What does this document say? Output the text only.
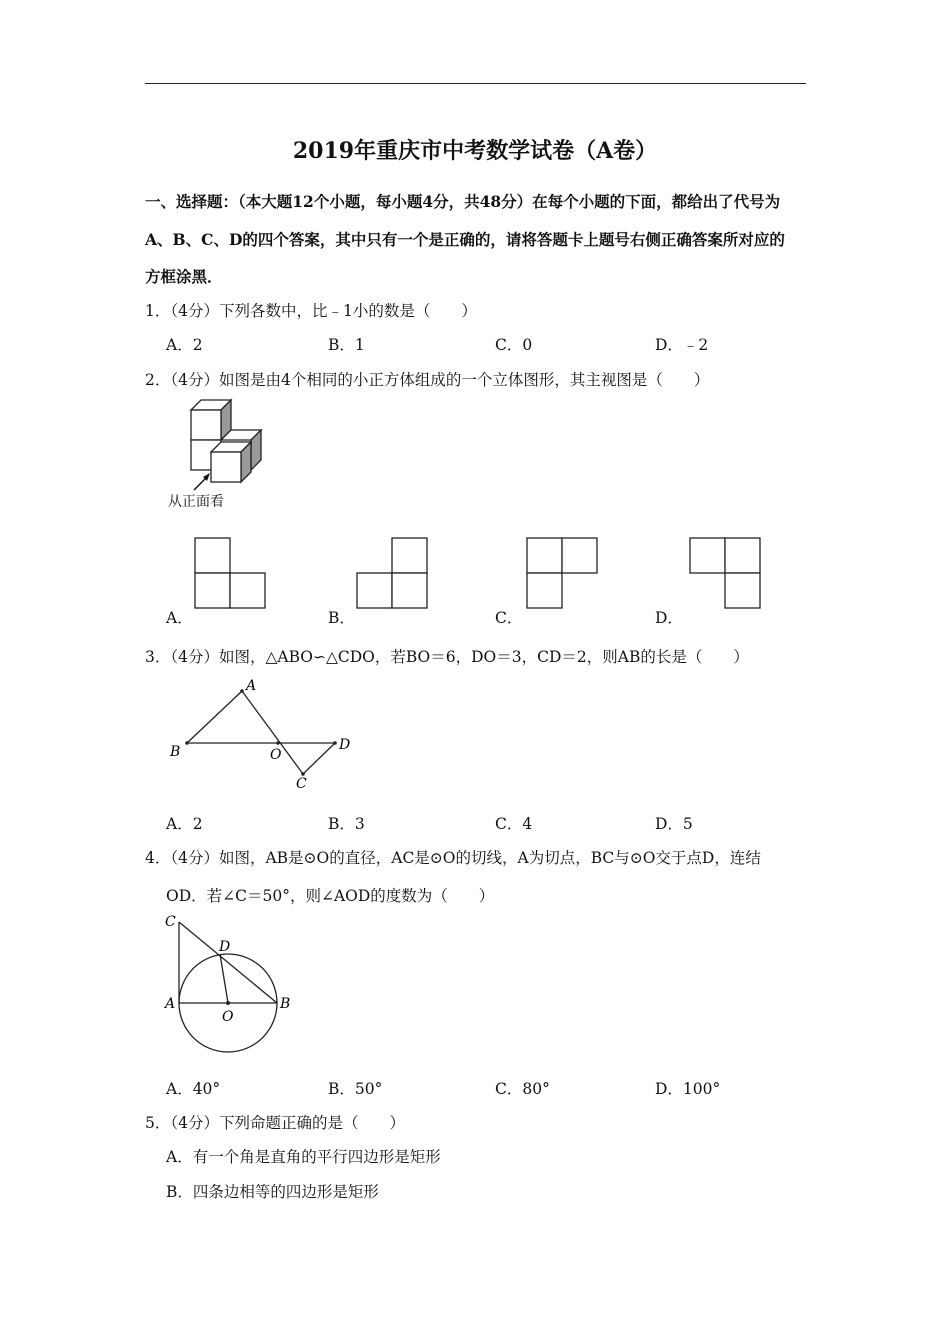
2019年重庆市中考数学试卷（A卷）
一、选择题：（本大题12个小题，每小题4分，共48分）在每个小题的下面，都给出了代号为
A、B、C、D的四个答案，其中只有一个是正确的，请将答题卡上题号右侧正确答案所对应的
方框涂黑．
1．（4分）下列各数中，比﹣1小的数是（　　）
A．2	B．1	C．0	D．﹣2
2．（4分）如图是由4个相同的小正方体组成的一个立体图形，其主视图是（　　）
从正面看
A．	B．	C．	D．
3．（4分）如图，△ABO∽△CDO，若BO＝6，DO＝3，CD＝2，则AB的长是（　　）
A
B	O
D
C
A．2	B．3	C．4	D．5
4．（4分）如图，AB是⊙O的直径，AC是⊙O的切线，A为切点，BC与⊙O交于点D，连结
OD．若∠C＝50°，则∠AOD的度数为（　　）
C
D
A
O
B
A．40°	B．50°	C．80°	D．100°
5．（4分）下列命题正确的是（　　）
A．有一个角是直角的平行四边形是矩形
B．四条边相等的四边形是矩形
